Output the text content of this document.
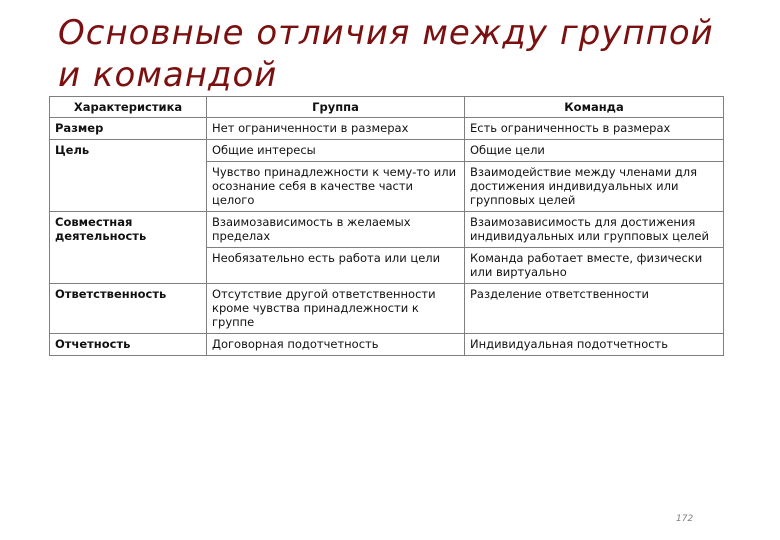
Основные отличия между группой и командой
Характеристика	Группа	Команда
Размер	Нет ограниченности в размерах	Есть ограниченность в размерах
Цель	Общие интересы	Общие цели
	Чувство принадлежности к чему-то или осознание себя в качестве части целого	Взаимодействие между членами для достижения индивидуальных или групповых целей
Совместная деятельность	Взаимозависимость в желаемых пределах	Взаимозависимость для достижения индивидуальных или групповых целей
	Необязательно есть работа или цели	Команда работает вместе, физически или виртуально
Ответственность	Отсутствие другой ответственности кроме чувства принадлежности к группе	Разделение ответственности
Отчетность	Договорная подотчетность	Индивидуальная подотчетность
172
